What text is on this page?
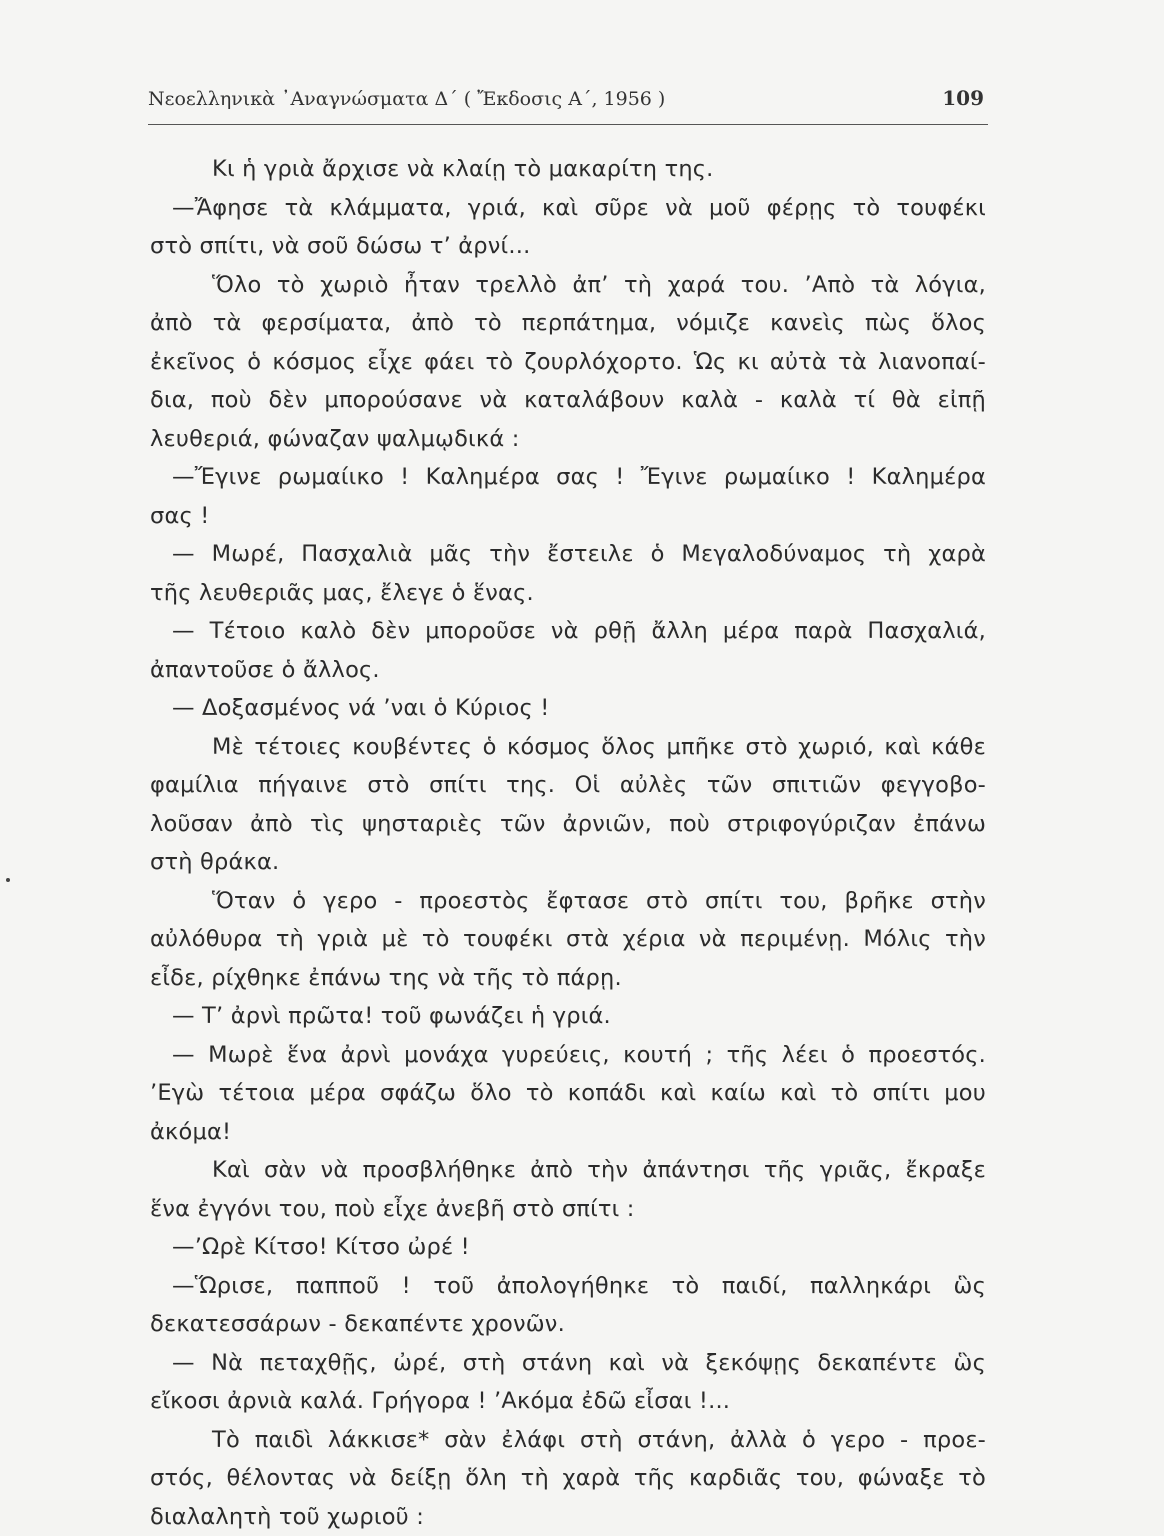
Νεοελληνικὰ ᾿Αναγνώσματα Δ΄ ( Ἔκδοσις Α΄, 1956 )	109
Κι ἡ γριὰ ἄρχισε νὰ κλαίῃ τὸ μακαρίτη της.
—Ἄφησε τὰ κλάμματα, γριά, καὶ σῦρε νὰ μοῦ φέρῃς τὸ τουφέκι
στὸ σπίτι, νὰ σοῦ δώσω τ’ ἀρνί...
Ὅλο τὸ χωριὸ ἦταν τρελλὸ ἀπ’ τὴ χαρά του. ’Απὸ τὰ λόγια,
ἀπὸ τὰ φερσίματα, ἀπὸ τὸ περπάτημα, νόμιζε κανεὶς πὼς ὅλος
ἐκεῖνος ὁ κόσμος εἶχε φάει τὸ ζουρλόχορτο. Ὡς κι αὐτὰ τὰ λιανοπαί-
δια, ποὺ δὲν μπορούσανε νὰ καταλάβουν καλὰ - καλὰ τί θὰ εἰπῇ
λευθεριά, φώναζαν ψαλμῳδικά :
—Ἔγινε ρωμαίικο ! Καλημέρα σας ! Ἔγινε ρωμαίικο ! Καλημέρα
σας !
— Μωρέ, Πασχαλιὰ μᾶς τὴν ἔστειλε ὁ Μεγαλοδύναμος τὴ χαρὰ
τῆς λευθεριᾶς μας, ἔλεγε ὁ ἕνας.
— Τέτοιο καλὸ δὲν μποροῦσε νὰ ρθῇ ἄλλη μέρα παρὰ Πασχαλιά,
ἀπαντοῦσε ὁ ἄλλος.
— Δοξασμένος νά ’ναι ὁ Κύριος !
Μὲ τέτοιες κουβέντες ὁ κόσμος ὅλος μπῆκε στὸ χωριό, καὶ κάθε
φαμίλια πήγαινε στὸ σπίτι της. Οἱ αὐλὲς τῶν σπιτιῶν φεγγοβο-
λοῦσαν ἀπὸ τὶς ψησταριὲς τῶν ἀρνιῶν, ποὺ στριφογύριζαν ἐπάνω
στὴ θράκα.
Ὅταν ὁ γερο - προεστὸς ἔφτασε στὸ σπίτι του, βρῆκε στὴν
αὐλόθυρα τὴ γριὰ μὲ τὸ τουφέκι στὰ χέρια νὰ περιμένῃ. Μόλις τὴν
εἶδε, ρίχθηκε ἐπάνω της νὰ τῆς τὸ πάρῃ.
— Τ’ ἀρνὶ πρῶτα! τοῦ φωνάζει ἡ γριά.
— Μωρὲ ἕνα ἀρνὶ μονάχα γυρεύεις, κουτή ; τῆς λέει ὁ προεστός.
’Εγὼ τέτοια μέρα σφάζω ὅλο τὸ κοπάδι καὶ καίω καὶ τὸ σπίτι μου
ἀκόμα!
Καὶ σὰν νὰ προσβλήθηκε ἀπὸ τὴν ἀπάντησι τῆς γριᾶς, ἔκραξε
ἕνα ἐγγόνι του, ποὺ εἶχε ἀνεβῆ στὸ σπίτι :
—’Ωρὲ Κίτσο! Κίτσο ὠρέ !
—Ὥρισε, παπποῦ ! τοῦ ἀπολογήθηκε τὸ παιδί, παλληκάρι ὣς
δεκατεσσάρων - δεκαπέντε χρονῶν.
— Νὰ πεταχθῇς, ὠρέ, στὴ στάνη καὶ νὰ ξεκόψῃς δεκαπέντε ὣς
εἴκοσι ἀρνιὰ καλά. Γρήγορα ! ’Ακόμα ἐδῶ εἶσαι !...
Τὸ παιδὶ λάκκισε* σὰν ἐλάφι στὴ στάνη, ἀλλὰ ὁ γερο - προε-
στός, θέλοντας νὰ δείξῃ ὅλη τὴ χαρὰ τῆς καρδιᾶς του, φώναξε τὸ
διαλαλητὴ τοῦ χωριοῦ :
